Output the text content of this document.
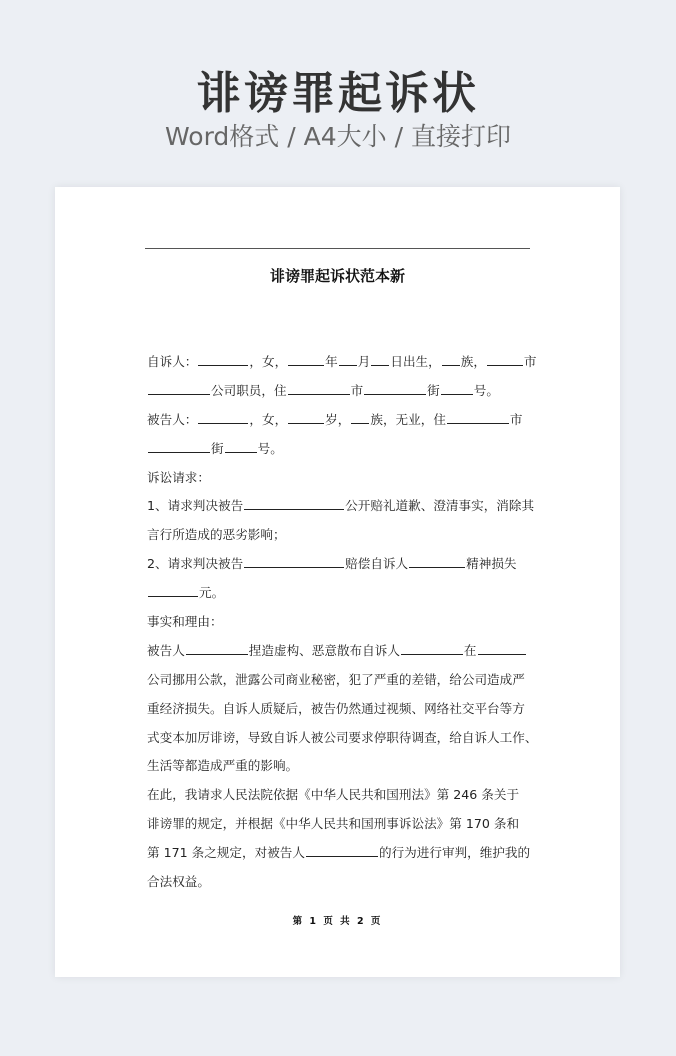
诽谤罪起诉状
Word格式 / A4大小 / 直接打印
诽谤罪起诉状范本新
自诉人：	，女，	年 月 日出生， 族，	市
公司职员，住	市	街	号。
被告人：	，女，	岁， 族，无业，住	市
街	号。
诉讼请求：
1、请求判决被告	公开赔礼道歉、澄清事实，消除其
言行所造成的恶劣影响；
2、请求判决被告	赔偿自诉人	精神损失
元。
事实和理由：
被告人	捏造虚构、恶意散布自诉人	在
公司挪用公款，泄露公司商业秘密，犯了严重的差错，给公司造成严
重经济损失。自诉人质疑后，被告仍然通过视频、网络社交平台等方
式变本加厉诽谤，导致自诉人被公司要求停职待调查，给自诉人工作、
生活等都造成严重的影响。
在此，我请求人民法院依据《中华人民共和国刑法》第 246 条关于
诽谤罪的规定，并根据《中华人民共和国刑事诉讼法》第 170 条和
第 171 条之规定，对被告人	的行为进行审判，维护我的
合法权益。
第 1 页 共 2 页
